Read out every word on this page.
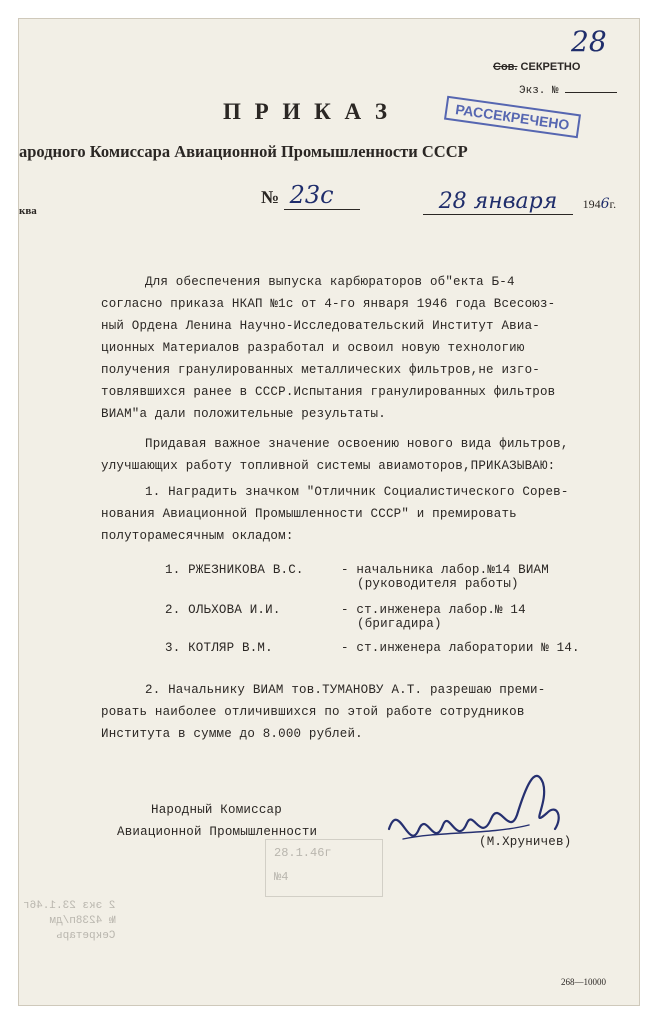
28
Сов. СЕКРЕТНО
Экз. №
РАССЕКРЕЧЕНО
П Р И К А З
ародного Комиссара Авиационной Промышленности СССР
№ 23с
ква	28 января 1946г.
Для обеспечения выпуска карбюраторов об"екта Б-4
согласно приказа НКАП №1с от 4-го января 1946 года Всесоюз-
ный Ордена Ленина Научно-Исследовательский Институт Авиа-
ционных Материалов разработал и освоил новую технологию
получения гранулированных металлических фильтров,не изго-
товлявшихся ранее в СССР.Испытания гранулированных фильтров
ВИАМ"а дали положительные результаты.
Придавая важное значение освоению нового вида фильтров,
улучшающих работу топливной системы авиамоторов,ПРИКАЗЫВАЮ:
1. Наградить значком "Отличник Социалистического Сорев-
нования Авиационной Промышленности СССР" и премировать
полуторамесячным окладом:
1. РЖЕЗНИКОВА В.С.	- начальника лабор.№14 ВИАМ
(руководителя работы)
2. ОЛЬХОВА И.И.	- ст.инженера лабор.№ 14
(бригадира)
3. КОТЛЯР В.М.	- ст.инженера лаборатории № 14.
2. Начальнику ВИАМ тов.ТУМАНОВУ А.Т. разрешаю преми-
ровать наиболее отличившихся по этой работе сотрудников
Института в сумме до 8.000 рублей.
Народный Комиссар
Авиационной Промышленности
28.1.46г
№4
(М.Хруничев)
2 экз 23.1.46г
№ 4238п/дм
Секретарь
268—10000
